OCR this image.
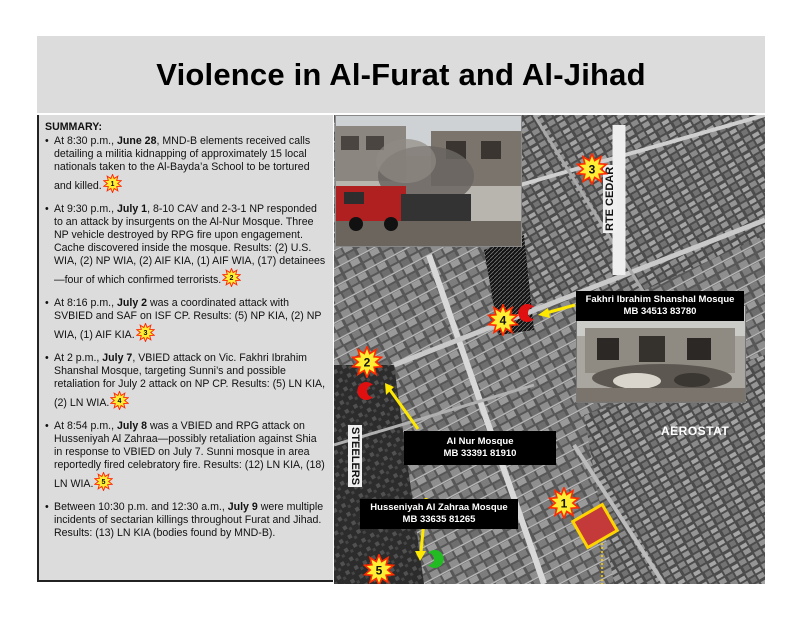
Violence in Al-Furat and Al-Jihad
SUMMARY:
• At 8:30 p.m., June 28, MND-B elements received calls detailing a militia kidnapping of approximately 15 local nationals taken to the Al-Bayda’a School to be tortured and killed. 1
• At 9:30 p.m., July 1, 8-10 CAV and 2-3-1 NP responded to an attack by insurgents on the Al-Nur Mosque. Three NP vehicle destroyed by RPG fire upon engagement. Cache discovered inside the mosque. Results: (2) U.S. WIA, (2) NP WIA, (2) AIF KIA, (1) AIF WIA, (17) detainees—four of which confirmed terrorists. 2
• At 8:16 p.m., July 2 was a coordinated attack with SVBIED and SAF on ISF CP. Results: (5) NP KIA, (2) NP WIA, (1) AIF KIA. 3
• At 2 p.m., July 7, VBIED attack on Vic. Fakhri Ibrahim Shanshal Mosque, targeting Sunni’s and possible retaliation for July 2 attack on NP CP. Results: (5) LN KIA, (2) LN WIA. 4
• At 8:54 p.m., July 8 was a VBIED and RPG attack on Husseniyah Al Zahraa—possibly retaliation against Shia in response to VBIED on July 7. Sunni mosque in area reportedly fired celebratory fire. Results: (12) LN KIA, (18) LN WIA. 5
• Between 10:30 p.m. and 12:30 a.m., July 9 were multiple incidents of sectarian killings throughout Furat and Jihad. Results: (13) LN KIA (bodies found by MND-B).
Fakhri Ibrahim Shanshal Mosque
MB 34513 83780
Al Nur Mosque
MB 33391 81910
Husseniyah Al Zahraa Mosque
MB 33635 81265
AEROSTAT
RTE CEDAR
STEELERS
1
2
3
4
5
